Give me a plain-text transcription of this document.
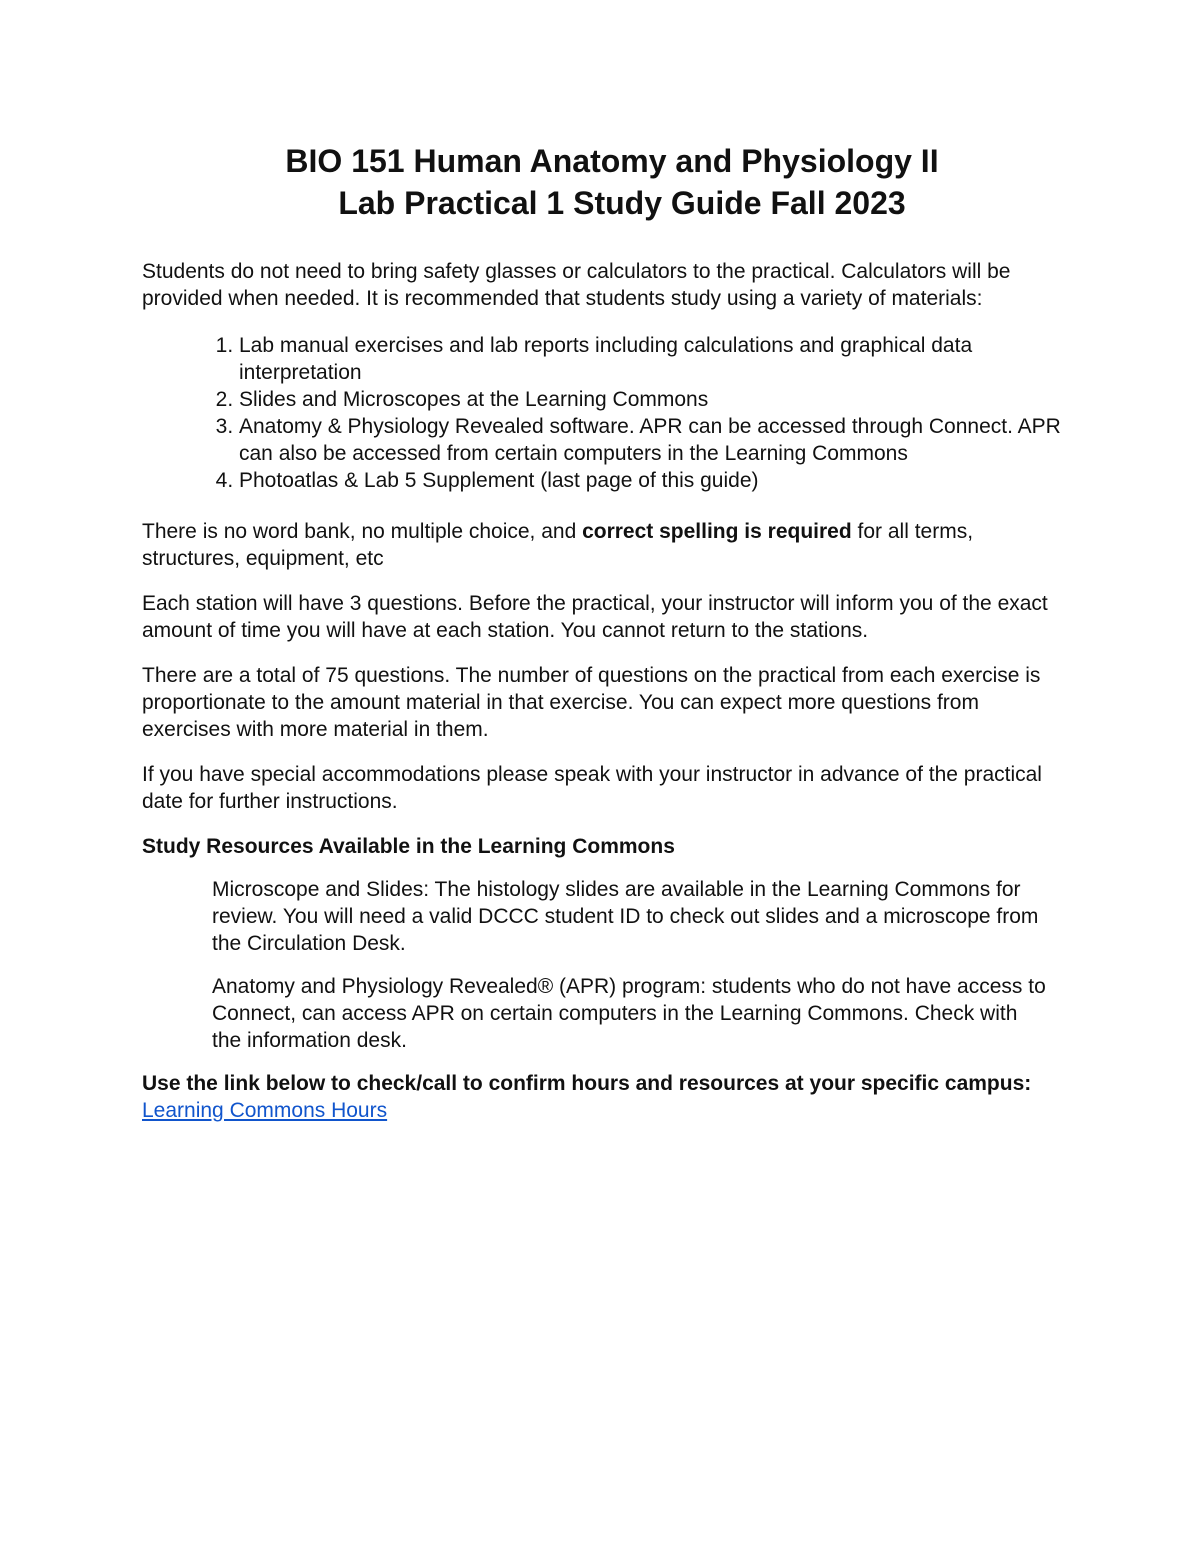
BIO 151 Human Anatomy and Physiology II
Lab Practical 1 Study Guide Fall 2023

Students do not need to bring safety glasses or calculators to the practical. Calculators will be provided when needed. It is recommended that students study using a variety of materials:

1. Lab manual exercises and lab reports including calculations and graphical data interpretation
2. Slides and Microscopes at the Learning Commons
3. Anatomy & Physiology Revealed software. APR can be accessed through Connect. APR can also be accessed from certain computers in the Learning Commons
4. Photoatlas & Lab 5 Supplement (last page of this guide)

There is no word bank, no multiple choice, and correct spelling is required for all terms, structures, equipment, etc

Each station will have 3 questions. Before the practical, your instructor will inform you of the exact amount of time you will have at each station. You cannot return to the stations.

There are a total of 75 questions. The number of questions on the practical from each exercise is proportionate to the amount material in that exercise. You can expect more questions from exercises with more material in them.

If you have special accommodations please speak with your instructor in advance of the practical date for further instructions.

Study Resources Available in the Learning Commons

Microscope and Slides: The histology slides are available in the Learning Commons for review. You will need a valid DCCC student ID to check out slides and a microscope from the Circulation Desk.

Anatomy and Physiology Revealed® (APR) program: students who do not have access to Connect, can access APR on certain computers in the Learning Commons. Check with the information desk.

Use the link below to check/call to confirm hours and resources at your specific campus: Learning Commons Hours
